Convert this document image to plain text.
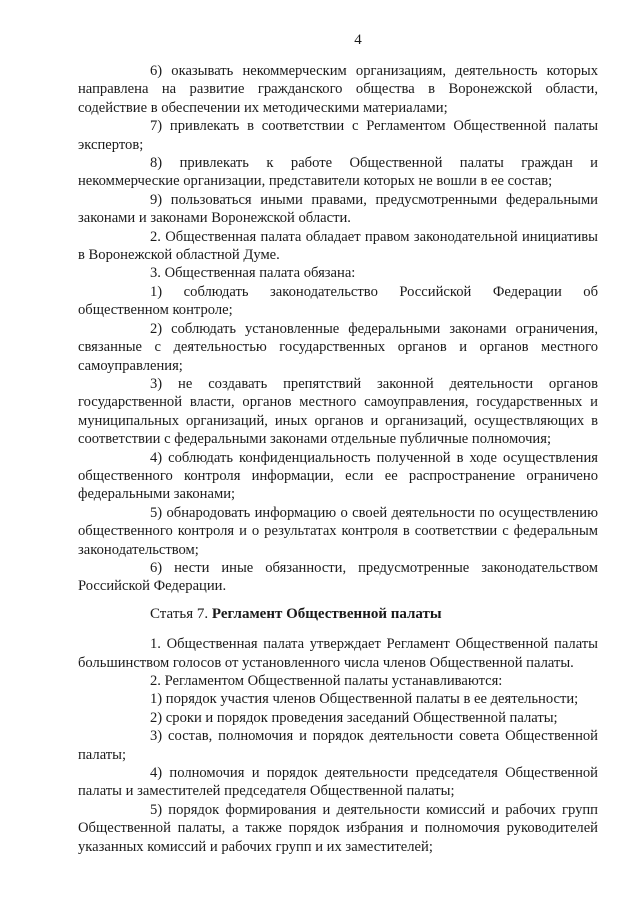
4

6) оказывать некоммерческим организациям, деятельность которых направлена на развитие гражданского общества в Воронежской области, содействие в обеспечении их методическими материалами;

7) привлекать в соответствии с Регламентом Общественной палаты экспертов;

8) привлекать к работе Общественной палаты граждан и некоммерческие организации, представители которых не вошли в ее состав;

9) пользоваться иными правами, предусмотренными федеральными законами и законами Воронежской области.

2. Общественная палата обладает правом законодательной инициативы в Воронежской областной Думе.

3. Общественная палата обязана:

1) соблюдать законодательство Российской Федерации об общественном контроле;

2) соблюдать установленные федеральными законами ограничения, связанные с деятельностью государственных органов и органов местного самоуправления;

3) не создавать препятствий законной деятельности органов государственной власти, органов местного самоуправления, государственных и муниципальных организаций, иных органов и организаций, осуществляющих в соответствии с федеральными законами отдельные публичные полномочия;

4) соблюдать конфиденциальность полученной в ходе осуществления общественного контроля информации, если ее распространение ограничено федеральными законами;

5) обнародовать информацию о своей деятельности по осуществлению общественного контроля и о результатах контроля в соответствии с федеральным законодательством;

6) нести иные обязанности, предусмотренные законодательством Российской Федерации.

Статья 7. Регламент Общественной палаты

1. Общественная палата утверждает Регламент Общественной палаты большинством голосов от установленного числа членов Общественной палаты.

2. Регламентом Общественной палаты устанавливаются:

1) порядок участия членов Общественной палаты в ее деятельности;

2) сроки и порядок проведения заседаний Общественной палаты;

3) состав, полномочия и порядок деятельности совета Общественной палаты;

4) полномочия и порядок деятельности председателя Общественной палаты и заместителей председателя Общественной палаты;

5) порядок формирования и деятельности комиссий и рабочих групп Общественной палаты, а также порядок избрания и полномочия руководителей указанных комиссий и рабочих групп и их заместителей;
